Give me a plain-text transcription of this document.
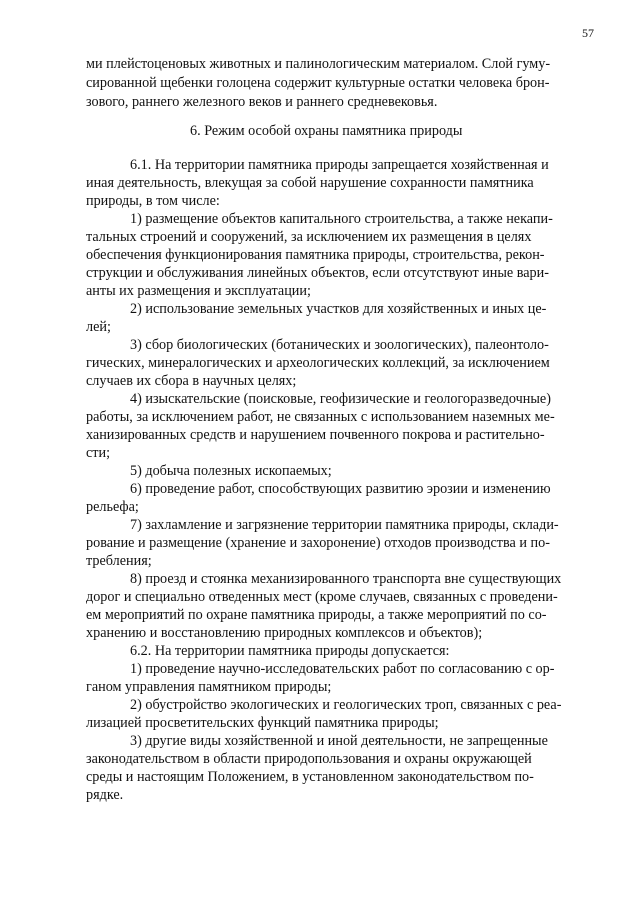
57
ми плейстоценовых животных и палинологическим материалом. Слой гуму-
сированной щебенки голоцена содержит культурные остатки человека брон-
зового, раннего железного веков и раннего средневековья.
6. Режим особой охраны памятника природы
6.1. На территории памятника природы запрещается хозяйственная и
иная деятельность, влекущая за собой нарушение сохранности памятника
природы, в том числе:
1) размещение объектов капитального строительства, а также некапи-
тальных строений и сооружений, за исключением их размещения в целях
обеспечения функционирования памятника природы, строительства, рекон-
струкции и обслуживания линейных объектов, если отсутствуют иные вари-
анты их размещения и эксплуатации;
2) использование земельных участков для хозяйственных и иных це-
лей;
3) сбор биологических (ботанических и зоологических), палеонтоло-
гических, минералогических и археологических коллекций, за исключением
случаев их сбора в научных целях;
4) изыскательские (поисковые, геофизические и геологоразведочные)
работы, за исключением работ, не связанных с использованием наземных ме-
ханизированных средств и нарушением почвенного покрова и растительно-
сти;
5) добыча полезных ископаемых;
6) проведение работ, способствующих развитию эрозии и изменению
рельефа;
7) захламление и загрязнение территории памятника природы, склади-
рование и размещение (хранение и захоронение) отходов производства и по-
требления;
8) проезд и стоянка механизированного транспорта вне существующих
дорог и специально отведенных мест (кроме случаев, связанных с проведени-
ем мероприятий по охране памятника природы, а также мероприятий по со-
хранению и восстановлению природных комплексов и объектов);
6.2. На территории памятника природы допускается:
1) проведение научно-исследовательских работ по согласованию с ор-
ганом управления памятником природы;
2) обустройство экологических и геологических троп, связанных с реа-
лизацией просветительских функций памятника природы;
3) другие виды хозяйственной и иной деятельности, не запрещенные
законодательством в области природопользования и охраны окружающей
среды и настоящим Положением, в установленном законодательством по-
рядке.
